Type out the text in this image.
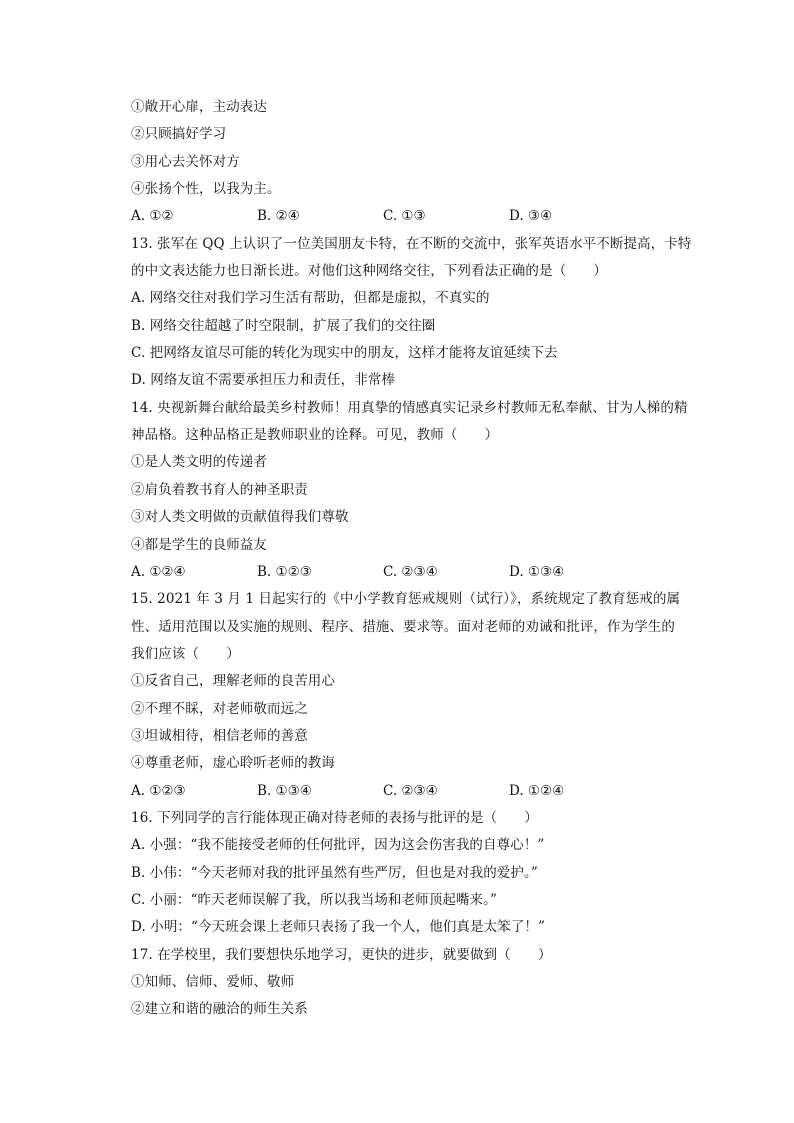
①敞开心扉，主动表达
②只顾搞好学习
③用心去关怀对方
④张扬个性，以我为主。
A. ①②	B. ②④	C. ①③	D. ③④
13. 张军在 QQ 上认识了一位美国朋友卡特，在不断的交流中，张军英语水平不断提高，卡特
的中文表达能力也日渐长进。对他们这种网络交往，下列看法正确的是（　　）
A. 网络交往对我们学习生活有帮助，但都是虚拟，不真实的
B. 网络交往超越了时空限制，扩展了我们的交往圈
C. 把网络友谊尽可能的转化为现实中的朋友，这样才能将友谊延续下去
D. 网络友谊不需要承担压力和责任，非常棒
14. 央视新舞台献给最美乡村教师！用真挚的情感真实记录乡村教师无私奉献、甘为人梯的精
神品格。这种品格正是教师职业的诠释。可见，教师（　　）
①是人类文明的传递者
②肩负着教书育人的神圣职责
③对人类文明做的贡献值得我们尊敬
④都是学生的良师益友
A. ①②④	B. ①②③	C. ②③④	D. ①③④
15. 2021 年 3 月 1 日起实行的《中小学教育惩戒规则（试行）》，系统规定了教育惩戒的属
性、适用范围以及实施的规则、程序、措施、要求等。面对老师的劝诫和批评，作为学生的
我们应该（　　）
①反省自己，理解老师的良苦用心
②不理不睬，对老师敬而远之
③坦诚相待，相信老师的善意
④尊重老师，虚心聆听老师的教诲
A. ①②③	B. ①③④	C. ②③④	D. ①②④
16. 下列同学的言行能体现正确对待老师的表扬与批评的是（　　）
A. 小强：“我不能接受老师的任何批评，因为这会伤害我的自尊心！”
B. 小伟：“今天老师对我的批评虽然有些严厉，但也是对我的爱护。”
C. 小丽：“昨天老师误解了我，所以我当场和老师顶起嘴来。”
D. 小明：“今天班会课上老师只表扬了我一个人，他们真是太笨了！”
17. 在学校里，我们要想快乐地学习，更快的进步，就要做到（　　）
①知师、信师、爱师、敬师
②建立和谐的融洽的师生关系
